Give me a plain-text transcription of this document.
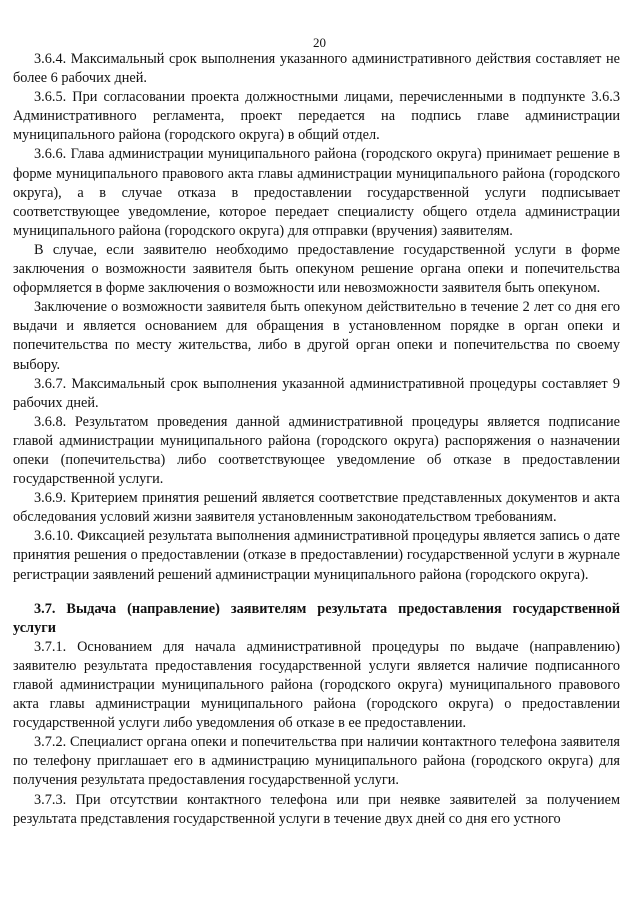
20

3.6.4. Максимальный срок выполнения указанного административного действия составляет не более 6 рабочих дней.

3.6.5. При согласовании проекта должностными лицами, перечисленными в подпункте 3.6.3 Административного регламента, проект передается на подпись главе администрации муниципального района (городского округа) в общий отдел.

3.6.6. Глава администрации муниципального района (городского округа) принимает решение в форме муниципального правового акта главы администрации муниципального района (городского округа), а в случае отказа в предоставлении государственной услуги подписывает соответствующее уведомление, которое передает специалисту общего отдела администрации муниципального района (городского округа) для отправки (вручения) заявителям.

В случае, если заявителю необходимо предоставление государственной услуги в форме заключения о возможности заявителя быть опекуном решение органа опеки и попечительства оформляется в форме заключения о возможности или невозможности заявителя быть опекуном.

Заключение о возможности заявителя быть опекуном действительно в течение 2 лет со дня его выдачи и является основанием для обращения в установленном порядке в орган опеки и попечительства по месту жительства, либо в другой орган опеки и попечительства по своему выбору.

3.6.7. Максимальный срок выполнения указанной административной процедуры составляет 9 рабочих дней.

3.6.8. Результатом проведения данной административной процедуры является подписание главой администрации муниципального района (городского округа) распоряжения о назначении опеки (попечительства) либо соответствующее уведомление об отказе в предоставлении государственной услуги.

3.6.9. Критерием принятия решений является соответствие представленных документов и акта обследования условий жизни заявителя установленным законодательством требованиям.

3.6.10. Фиксацией результата выполнения административной процедуры является запись о дате принятия решения о предоставлении (отказе в предоставлении) государственной услуги в журнале регистрации заявлений решений администрации муниципального района (городского округа).

3.7. Выдача (направление) заявителям результата предоставления государственной услуги

3.7.1. Основанием для начала административной процедуры по выдаче (направлению) заявителю результата предоставления государственной услуги является наличие подписанного главой администрации муниципального района (городского округа) муниципального правового акта главы администрации муниципального района (городского округа) о предоставлении государственной услуги либо уведомления об отказе в ее предоставлении.

3.7.2. Специалист органа опеки и попечительства при наличии контактного телефона заявителя по телефону приглашает его в администрацию муниципального района (городского округа) для получения результата предоставления государственной услуги.

3.7.3. При отсутствии контактного телефона или при неявке заявителей за получением результата представления государственной услуги в течение двух дней со дня его устного
